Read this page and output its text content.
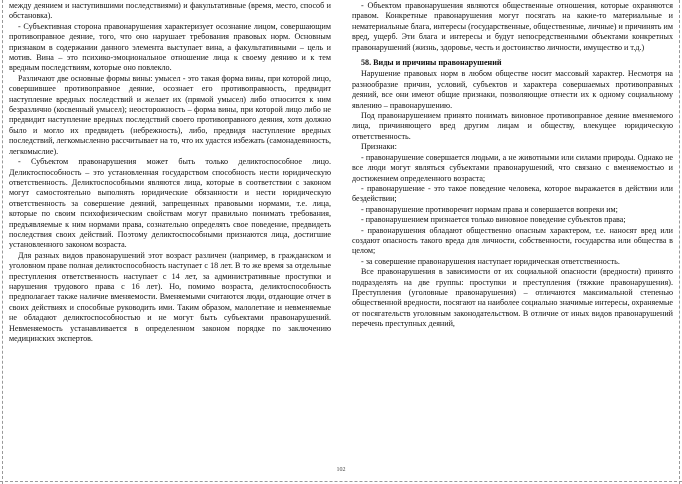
между деянием и наступившими последствиями) и факультативные (время, место, способ и обстановка).

- Субъективная сторона правонарушения характеризует осознание лицом, совершающим противоправное деяние, того, что оно нарушает требования правовых норм. Основным признаком в содержании данного элемента выступает вина, а факультативными – цель и мотив. Вина – это психико-эмоциональное отношение лица к своему деянию и к тем вредным последствиям, которые оно повлекло.

Различают две основные формы вины: умысел - это такая форма вины, при которой лицо, совершившее противоправное деяние, осознает его противоправность, предвидит наступление вредных последствий и желает их (прямой умысел) либо относится к ним безразлично (косвенный умысел); неосторожность – форма вины, при которой лицо либо не предвидит наступление вредных последствий своего противоправного деяния, хотя должно было и могло их предвидеть (небрежность), либо, предвидя наступление вредных последствий, легкомысленно рассчитывает на то, что их удастся избежать (самонадеянность, легкомыслие).

- Субъектом правонарушения может быть только деликтоспособное лицо. Деликтоспособность – это установленная государством способность нести юридическую ответственность. Деликтоспособными являются лица, которые в соответствии с законом могут самостоятельно выполнять юридические обязанности и нести юридическую ответственность за совершение деяний, запрещенных правовыми нормами, т.е. лица, которые по своим психофизическим свойствам могут правильно понимать требования, предъявляемые к ним нормами права, сознательно определять свое поведение, предвидеть последствия своих действий. Поэтому деликтоспособными признаются лица, достигшие установленного законом возраста.

Для разных видов правонарушений этот возраст различен (например, в гражданском и уголовном праве полная деликтоспособность наступает с 18 лет. В то же время за отдельные преступления ответственность наступает с 14 лет, за административные проступки и нарушения трудового права с 16 лет). Но, помимо возраста, деликтоспособность предполагает также наличие вменяемости. Вменяемыми считаются люди, отдающие отчет в своих действиях и способные руководить ими. Таким образом, малолетние и невменяемые не обладают деликтоспособностью и не могут быть субъектами правонарушений. Невменяемость устанавливается в определенном законом порядке по заключению медицинских экспертов.

- Объектом правонарушения являются общественные отношения, которые охраняются правом. Конкретные правонарушения могут посягать на какие-то материальные и нематериальные блага, интересы (государственные, общественные, личные) и причинять им вред, ущерб. Эти блага и интересы и будут непосредственными объектами конкретных правонарушений (жизнь, здоровье, честь и достоинство личности, имущество и т.д.)

58. Виды и причины правонарушений

Нарушение правовых норм в любом обществе носит массовый характер. Несмотря на разнообразие причин, условий, субъектов и характера совершаемых противоправных деяний, все они имеют общие признаки, позволяющие отнести их к одному социальному явлению – правонарушению.

Под правонарушением принято понимать виновное противоправное деяние вменяемого лица, причиняющего вред другим лицам и обществу, влекущее юридическую ответственность.

Признаки:

- правонарушение совершается людьми, а не животными или силами природы. Однако не все люди могут являться субъектами правонарушений, что связано с вменяемостью и достижением определенного возраста;

- правонарушение - это такое поведение человека, которое выражается в действии или бездействии;

- правонарушение противоречит нормам права и совершается вопреки им;

- правонарушением признается только виновное поведение субъектов права;

- правонарушения обладают общественно опасным характером, т.е. наносят вред или создают опасность такого вреда для личности, собственности, государства или общества в целом;

- за совершение правонарушения наступает юридическая ответственность.

Все правонарушения в зависимости от их социальной опасности (вредности) принято подразделять на две группы: проступки и преступления (тяжкие правонарушения). Преступления (уголовные правонарушения) – отличаются максимальной степенью общественной вредности, посягают на наиболее социально значимые интересы, охраняемые от посягательств уголовным законодательством. В отличие от иных видов правонарушений перечень преступных деяний,

102
